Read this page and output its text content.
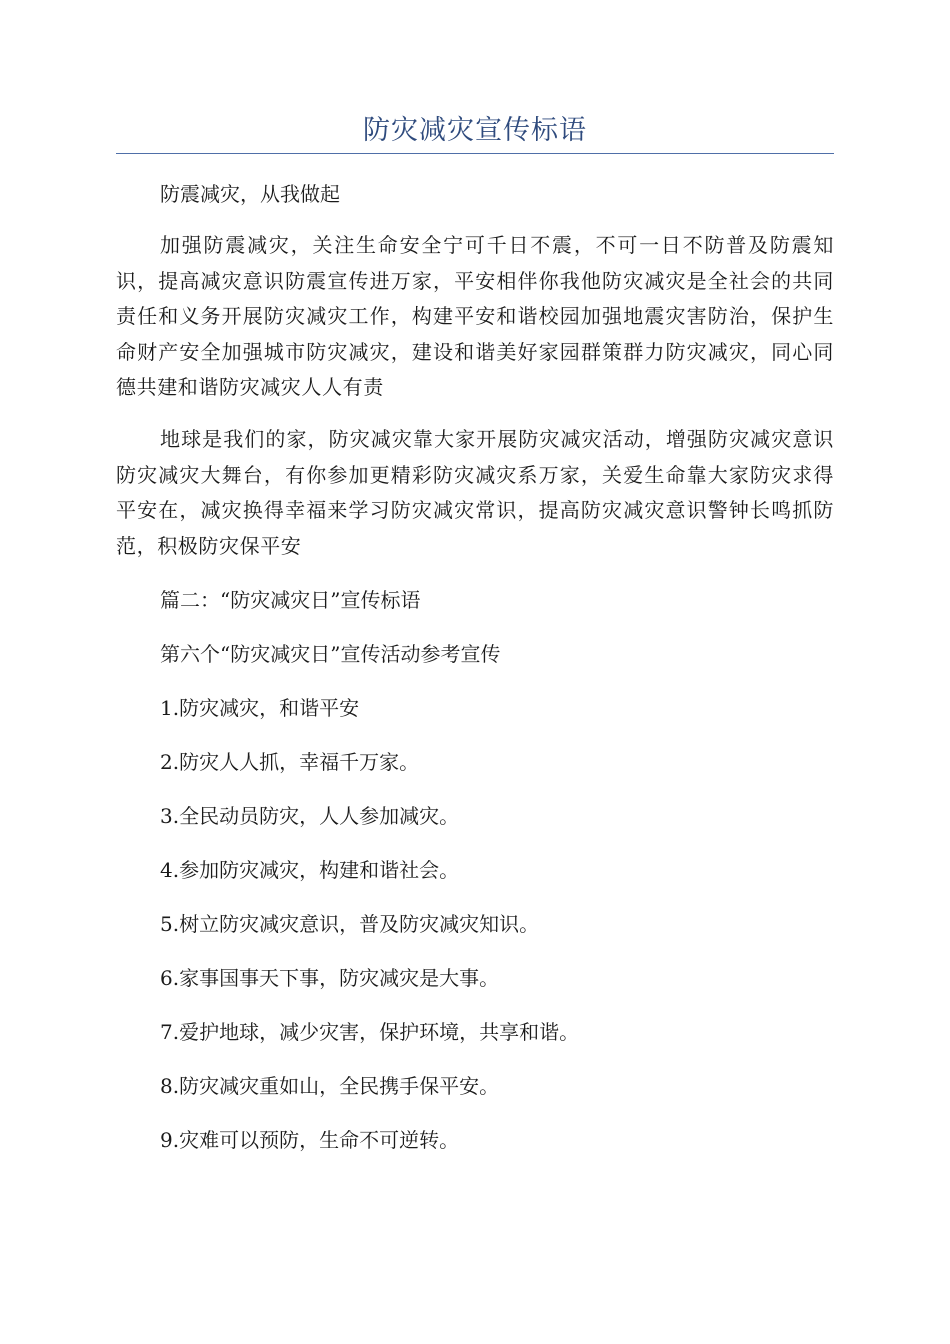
防灾减灾宣传标语

防震减灾，从我做起

加强防震减灾，关注生命安全宁可千日不震，不可一日不防普及防震知识，提高减灾意识防震宣传进万家，平安相伴你我他防灾减灾是全社会的共同责任和义务开展防灾减灾工作，构建平安和谐校园加强地震灾害防治，保护生命财产安全加强城市防灾减灾，建设和谐美好家园群策群力防灾减灾，同心同德共建和谐防灾减灾人人有责

地球是我们的家，防灾减灾靠大家开展防灾减灾活动，增强防灾减灾意识防灾减灾大舞台，有你参加更精彩防灾减灾系万家，关爱生命靠大家防灾求得平安在，减灾换得幸福来学习防灾减灾常识，提高防灾减灾意识警钟长鸣抓防范，积极防灾保平安

篇二：“防灾减灾日”宣传标语

第六个“防灾减灾日”宣传活动参考宣传

1.防灾减灾，和谐平安

2.防灾人人抓，幸福千万家。

3.全民动员防灾，人人参加减灾。

4.参加防灾减灾，构建和谐社会。

5.树立防灾减灾意识，普及防灾减灾知识。

6.家事国事天下事，防灾减灾是大事。

7.爱护地球，减少灾害，保护环境，共享和谐。

8.防灾减灾重如山，全民携手保平安。

9.灾难可以预防，生命不可逆转。
